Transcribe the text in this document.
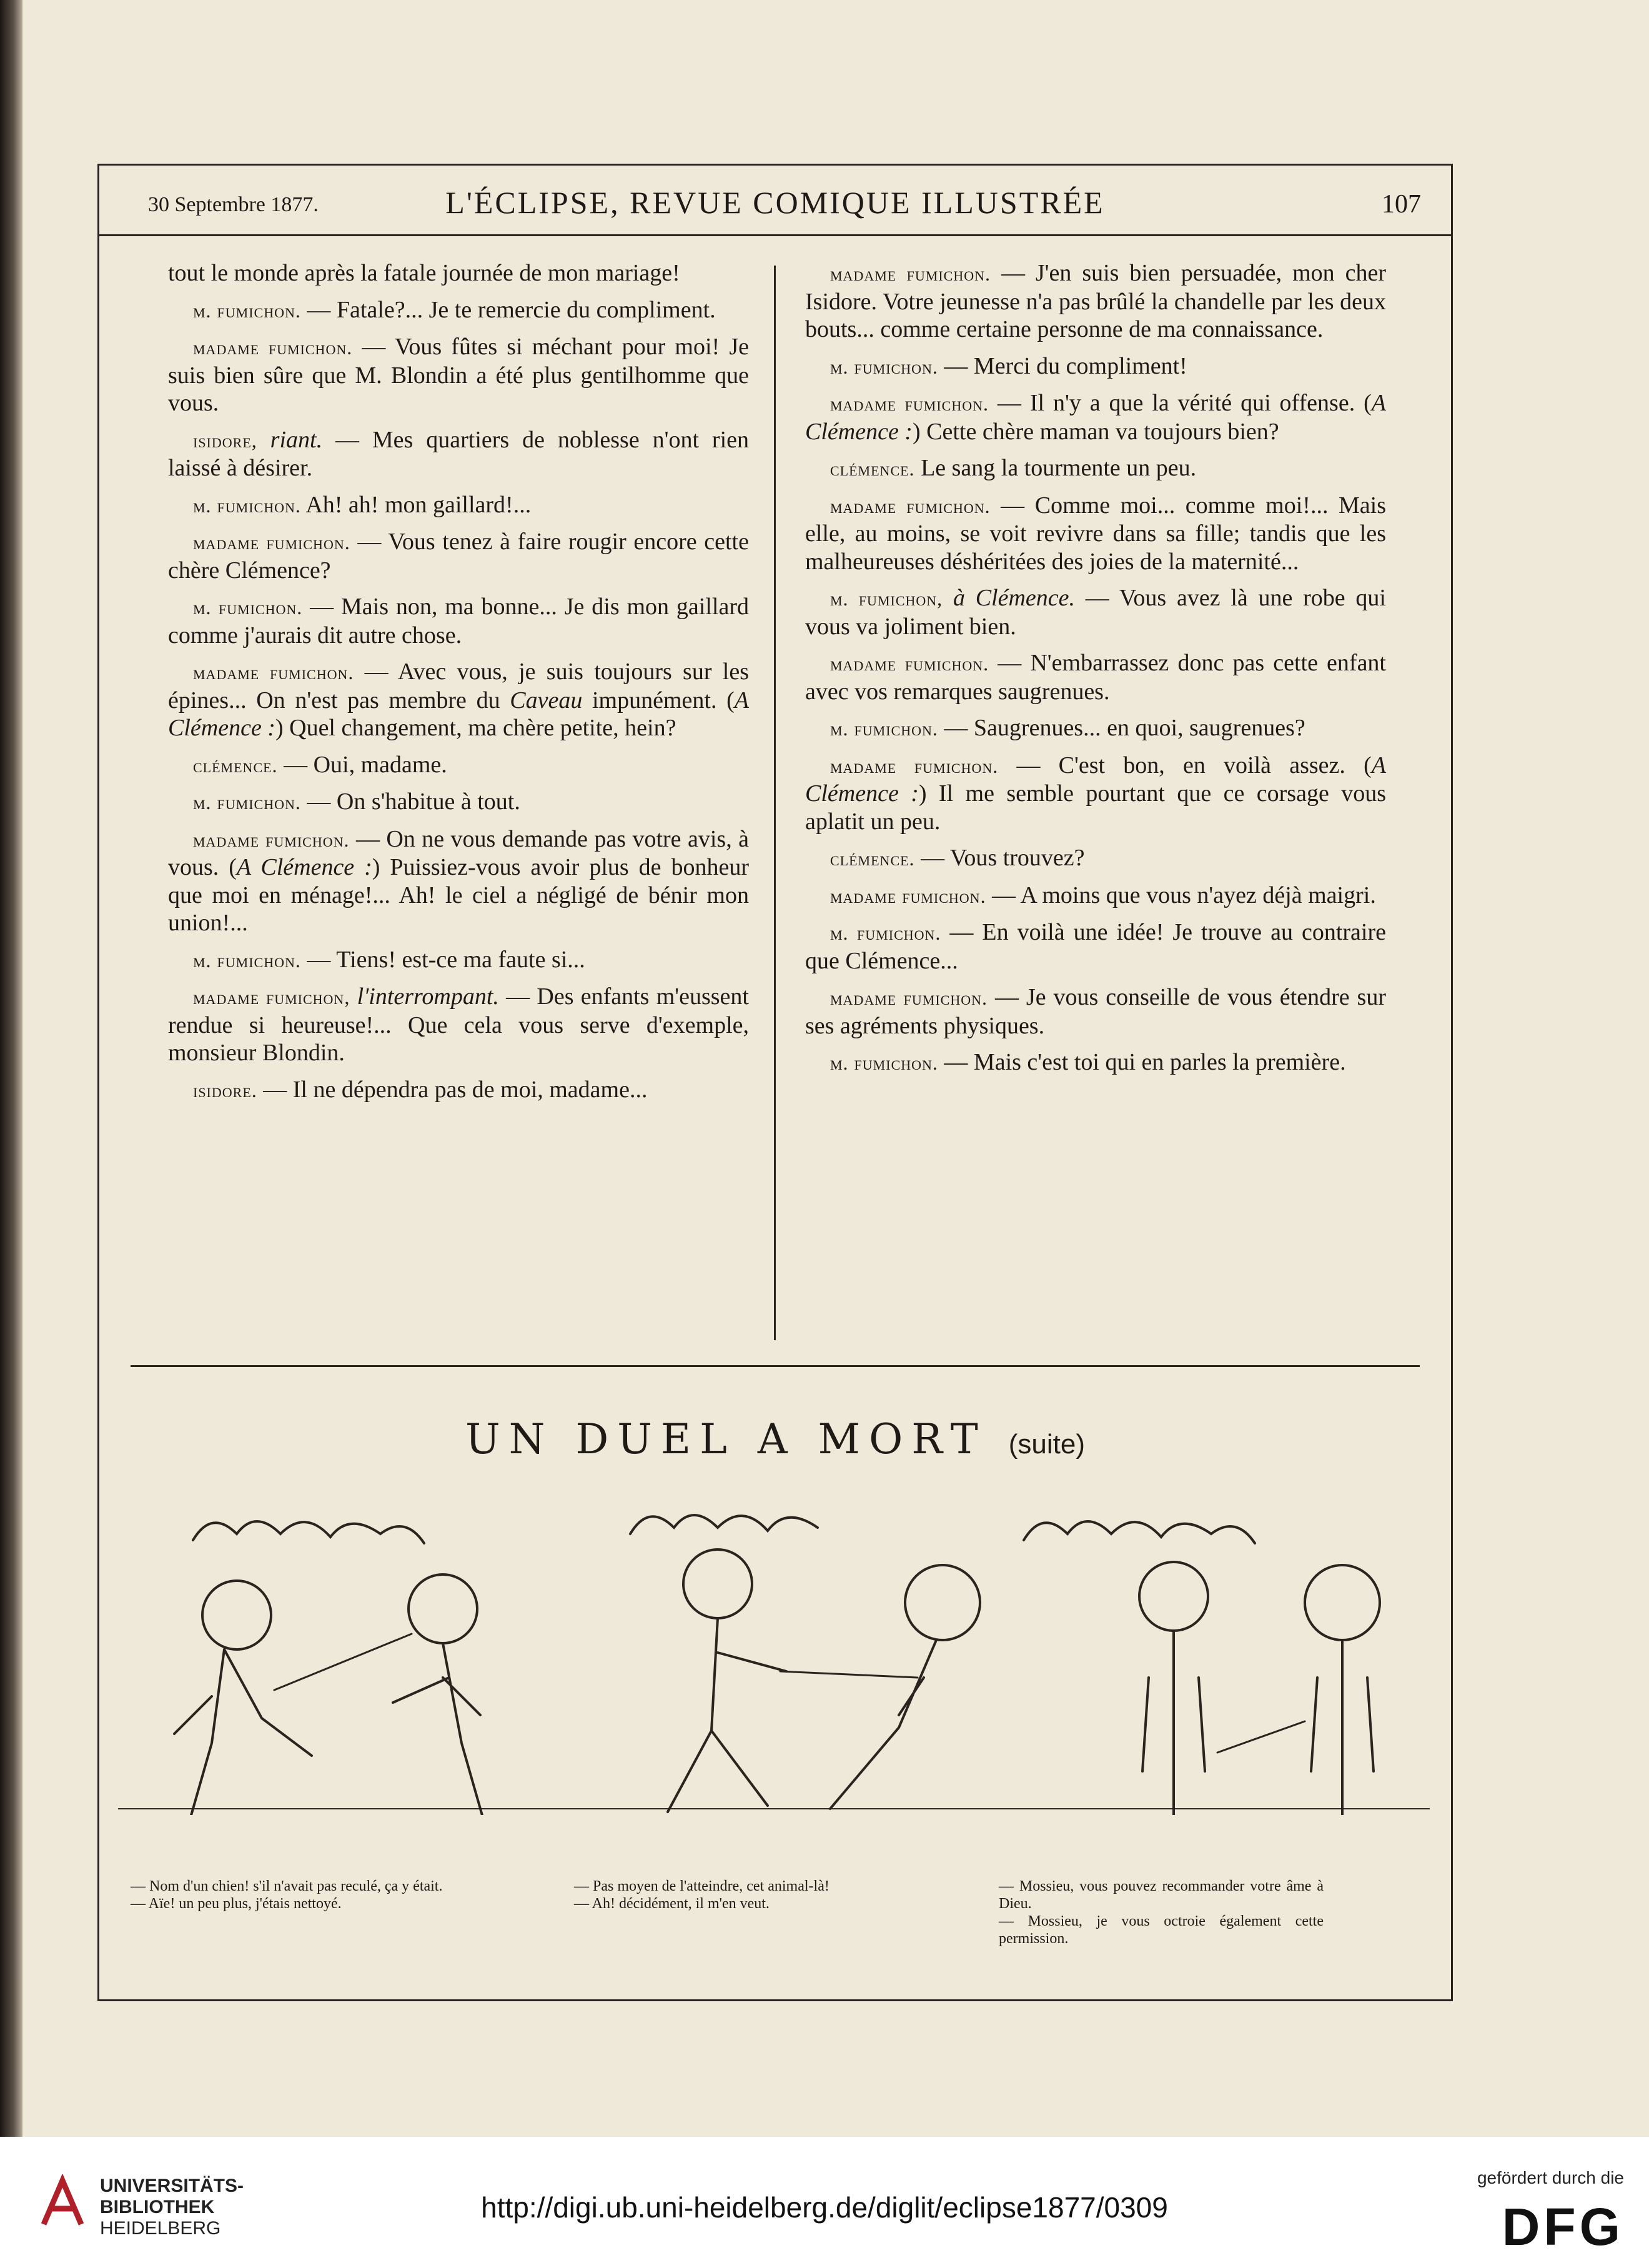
30 Septembre 1877.	L'ÉCLIPSE, REVUE COMIQUE ILLUSTRÉE	107

tout le monde après la fatale journée de mon mariage!

m. fumichon. — Fatale?... Je te remercie du compliment.

madame fumichon. — Vous fûtes si méchant pour moi! Je suis bien sûre que M. Blondin a été plus gentilhomme que vous.

isidore, riant. — Mes quartiers de noblesse n'ont rien laissé à désirer.

m. fumichon. Ah! ah! mon gaillard!...

madame fumichon. — Vous tenez à faire rougir encore cette chère Clémence?

m. fumichon. — Mais non, ma bonne... Je dis mon gaillard comme j'aurais dit autre chose.

madame fumichon. — Avec vous, je suis toujours sur les épines... On n'est pas membre du Caveau impunément. (A Clémence :) Quel changement, ma chère petite, hein?

clémence. — Oui, madame.

m. fumichon. — On s'habitue à tout.

madame fumichon. — On ne vous demande pas votre avis, à vous. (A Clémence :) Puissiez-vous avoir plus de bonheur que moi en ménage!... Ah! le ciel a négligé de bénir mon union!...

m. fumichon. — Tiens! est-ce ma faute si...

madame fumichon, l'interrompant. — Des enfants m'eussent rendue si heureuse!... Que cela vous serve d'exemple, monsieur Blondin.

isidore. — Il ne dépendra pas de moi, madame...

madame fumichon. — J'en suis bien persuadée, mon cher Isidore. Votre jeunesse n'a pas brûlé la chandelle par les deux bouts... comme certaine personne de ma connaissance.

m. fumichon. — Merci du compliment!

madame fumichon. — Il n'y a que la vérité qui offense. (A Clémence :) Cette chère maman va toujours bien?

clémence. Le sang la tourmente un peu.

madame fumichon. — Comme moi... comme moi!... Mais elle, au moins, se voit revivre dans sa fille; tandis que les malheureuses déshéritées des joies de la maternité...

m. fumichon, à Clémence. — Vous avez là une robe qui vous va joliment bien.

madame fumichon. — N'embarrassez donc pas cette enfant avec vos remarques saugrenues.

m. fumichon. — Saugrenues... en quoi, saugrenues?

madame fumichon. — C'est bon, en voilà assez. (A Clémence :) Il me semble pourtant que ce corsage vous aplatit un peu.

clémence. — Vous trouvez?

madame fumichon. — A moins que vous n'ayez déjà maigri.

m. fumichon. — En voilà une idée! Je trouve au contraire que Clémence...

madame fumichon. — Je vous conseille de vous étendre sur ses agréments physiques.

m. fumichon. — Mais c'est toi qui en parles la première.

UN DUEL A MORT (suite)
— Nom d'un chien! s'il n'avait pas reculé, ça y était.
— Aïe! un peu plus, j'étais nettoyé.
— Pas moyen de l'atteindre, cet animal-là!
— Ah! décidément, il m'en veut.
— Mossieu, vous pouvez recommander votre âme à Dieu.
— Mossieu, je vous octroie également cette permission.
UNIVERSITÄTS-
BIBLIOTHEK
HEIDELBERG
http://digi.ub.uni-heidelberg.de/diglit/eclipse1877/0309
gefördert durch die
DFG
